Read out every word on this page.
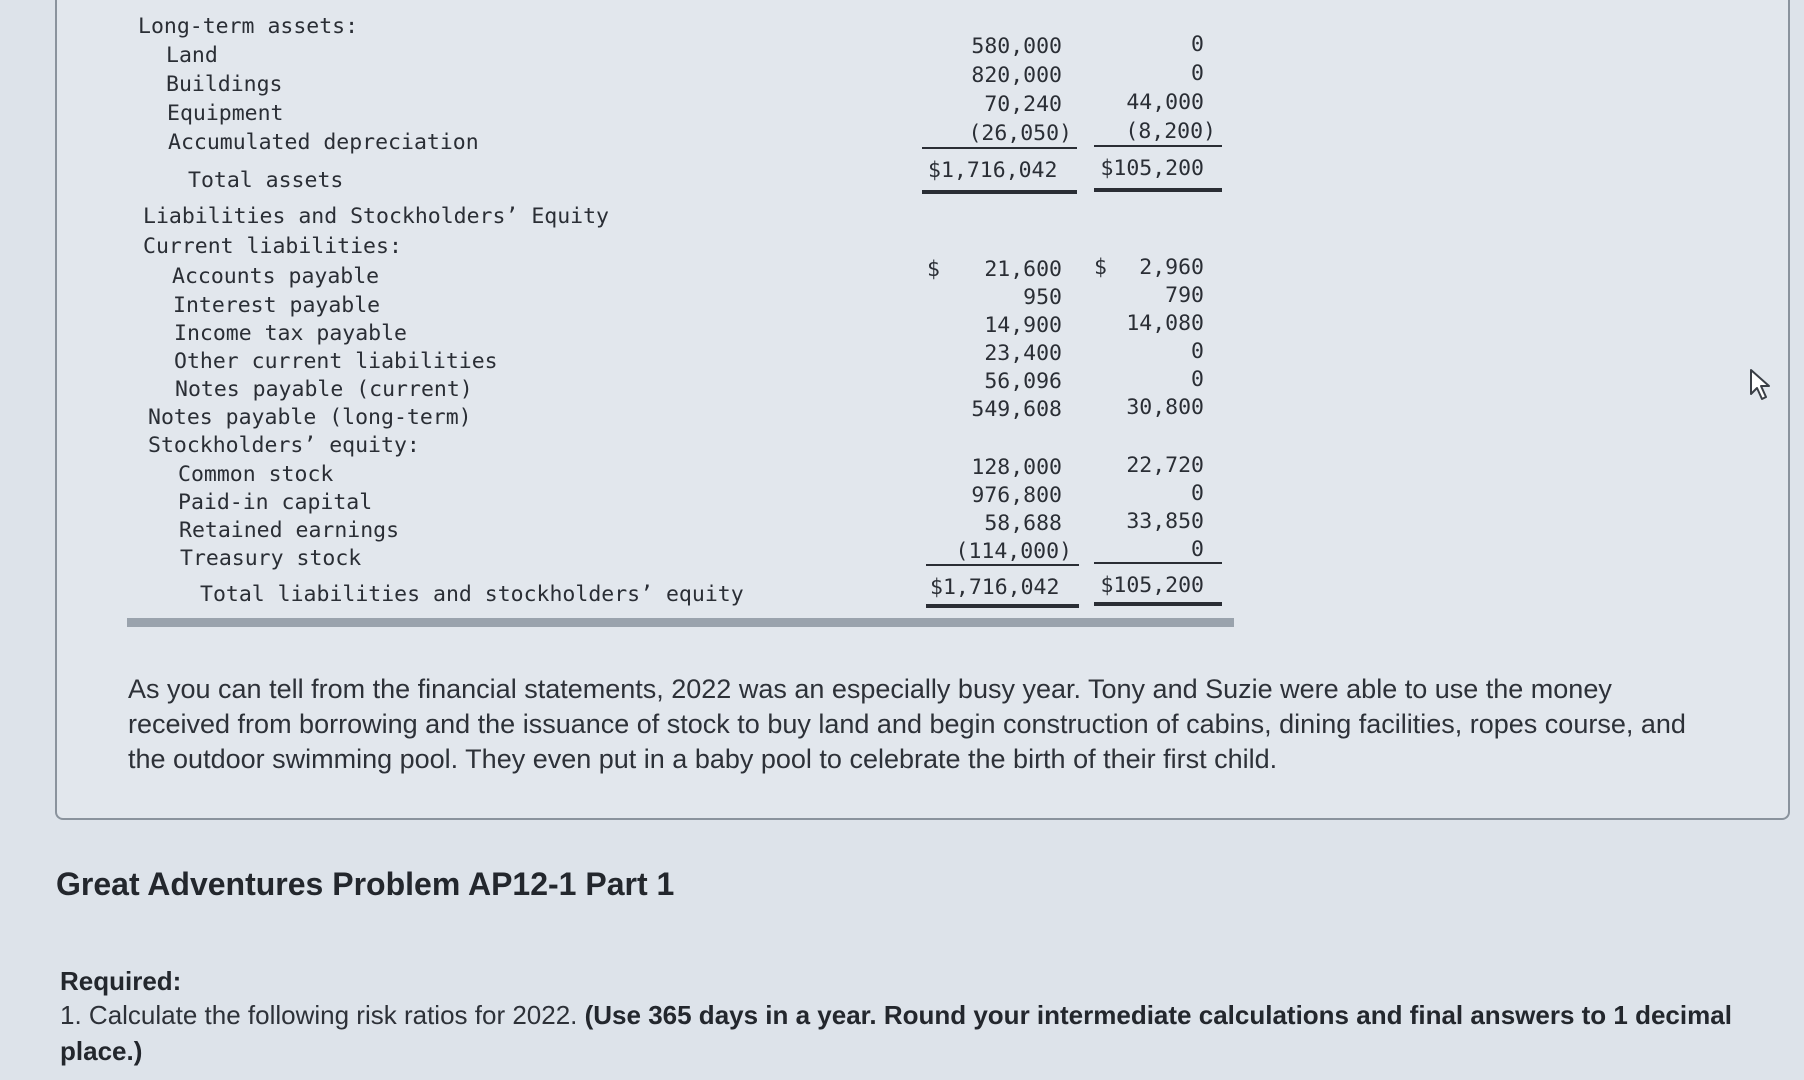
Long-term assets:
Land	580,000	0
Buildings	820,000	0
Equipment	70,240	44,000
Accumulated depreciation	(26,050) (8,200)
Total assets	$1,716,042 $105,200
Liabilities and Stockholders’ Equity
Current liabilities:
Accounts payable	$ 21,600 $ 2,960
Interest payable	950	790
Income tax payable	14,900	14,080
Other current liabilities	23,400	0
Notes payable (current)	56,096	0
Notes payable (long-term)	549,608	30,800
Stockholders’ equity:
Common stock	128,000	22,720
Paid-in capital	976,800	0
Retained earnings	58,688	33,850
Treasury stock	(114,000)	0
Total liabilities and stockholders’ equity	$1,716,042 $105,200
As you can tell from the financial statements, 2022 was an especially busy year. Tony and Suzie were able to use the money received from borrowing and the issuance of stock to buy land and begin construction of cabins, dining facilities, ropes course, and the outdoor swimming pool. They even put in a baby pool to celebrate the birth of their first child.
Great Adventures Problem AP12-1 Part 1
Required:
1. Calculate the following risk ratios for 2022. (Use 365 days in a year. Round your intermediate calculations and final answers to 1 decimal place.)
